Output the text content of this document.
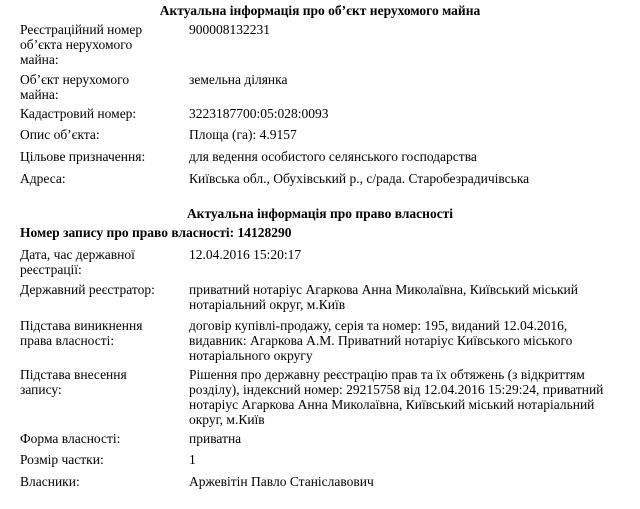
Актуальна інформація про об’єкт нерухомого майна
Реєстраційний номер об’єкта нерухомого майна:
900008132231
Об’єкт нерухомого майна:
земельна ділянка
Кадастровий номер:	3223187700:05:028:0093
Опис об’єкта:	Площа (га): 4.9157
Цільове призначення:	для ведення особистого селянського господарства
Адреса:	Київська обл., Обухівський р., с/рада. Старобезрадичівська
Актуальна інформація про право власності
Номер запису про право власності: 14128290
Дата, час державної реєстрації:
12.04.2016 15:20:17
Державний реєстратор:	приватний нотаріус Агаркова Анна Миколаївна, Київський міський нотаріальний округ, м.Київ
Підстава виникнення права власності:
договір купівлі-продажу, серія та номер: 195, виданий 12.04.2016, видавник: Агаркова А.М. Приватний нотаріус Київського міського нотаріального округу
Підстава внесення запису:
Рішення про державну реєстрацію прав та їх обтяжень (з відкриттям розділу), індексний номер: 29215758 від 12.04.2016 15:29:24, приватний нотаріус Агаркова Анна Миколаївна, Київський міський нотаріальний округ, м.Київ
Форма власності:	приватна
Розмір частки:	1
Власники:	Аржевітін Павло Станіславович
